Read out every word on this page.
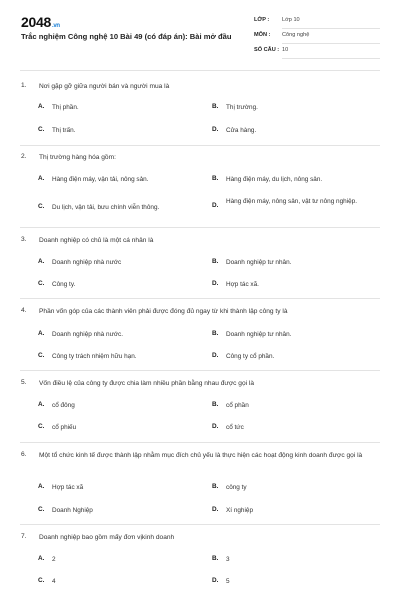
2048.vn
Trắc nghiệm Công nghệ 10 Bài 49 (có đáp án): Bài mở đầu
LỚP : Lớp 10
MÔN : Công nghệ
SỐ CÂU : 10
1. Nơi gặp gỡ giữa người bán và người mua là
A. Thị phần.	B. Thị trường.
C. Thị trấn.	D. Cửa hàng.
2. Thị trường hàng hóa gồm:
A. Hàng điện máy, vận tải, nông sản.	B. Hàng điện máy, du lịch, nông sản.
C. Du lịch, vận tải, bưu chính viễn thông.	D.
Hàng điện máy, nông sản, vật tư nông nghiệp.
3. Doanh nghiệp có chủ là một cá nhân là
A. Doanh nghiệp nhà nước	B. Doanh nghiệp tư nhân.
C. Công ty.	D. Hợp tác xã.
4. Phần vốn góp của các thành viên phải được đóng đủ ngay từ khi thành lập công ty là
A. Doanh nghiệp nhà nước.	B. Doanh nghiệp tư nhân.
C. Công ty trách nhiệm hữu hạn.	D. Công ty cổ phần.
5. Vốn điều lệ của công ty được chia làm nhiều phần bằng nhau được gọi là
A. cổ đông	B. cổ phần
C. cổ phiếu	D. cổ tức
6. Một tổ chức kinh tế được thành lập nhằm mục đích chủ yếu là thực hiện các hoạt động kinh doanh được gọi là
A. Hợp tác xã	B. công ty
C. Doanh Nghiệp	D. Xí nghiệp
7. Doanh nghiệp bao gồm mấy đơn vịkinh doanh
A. 2	B. 3
C. 4	D. 5
